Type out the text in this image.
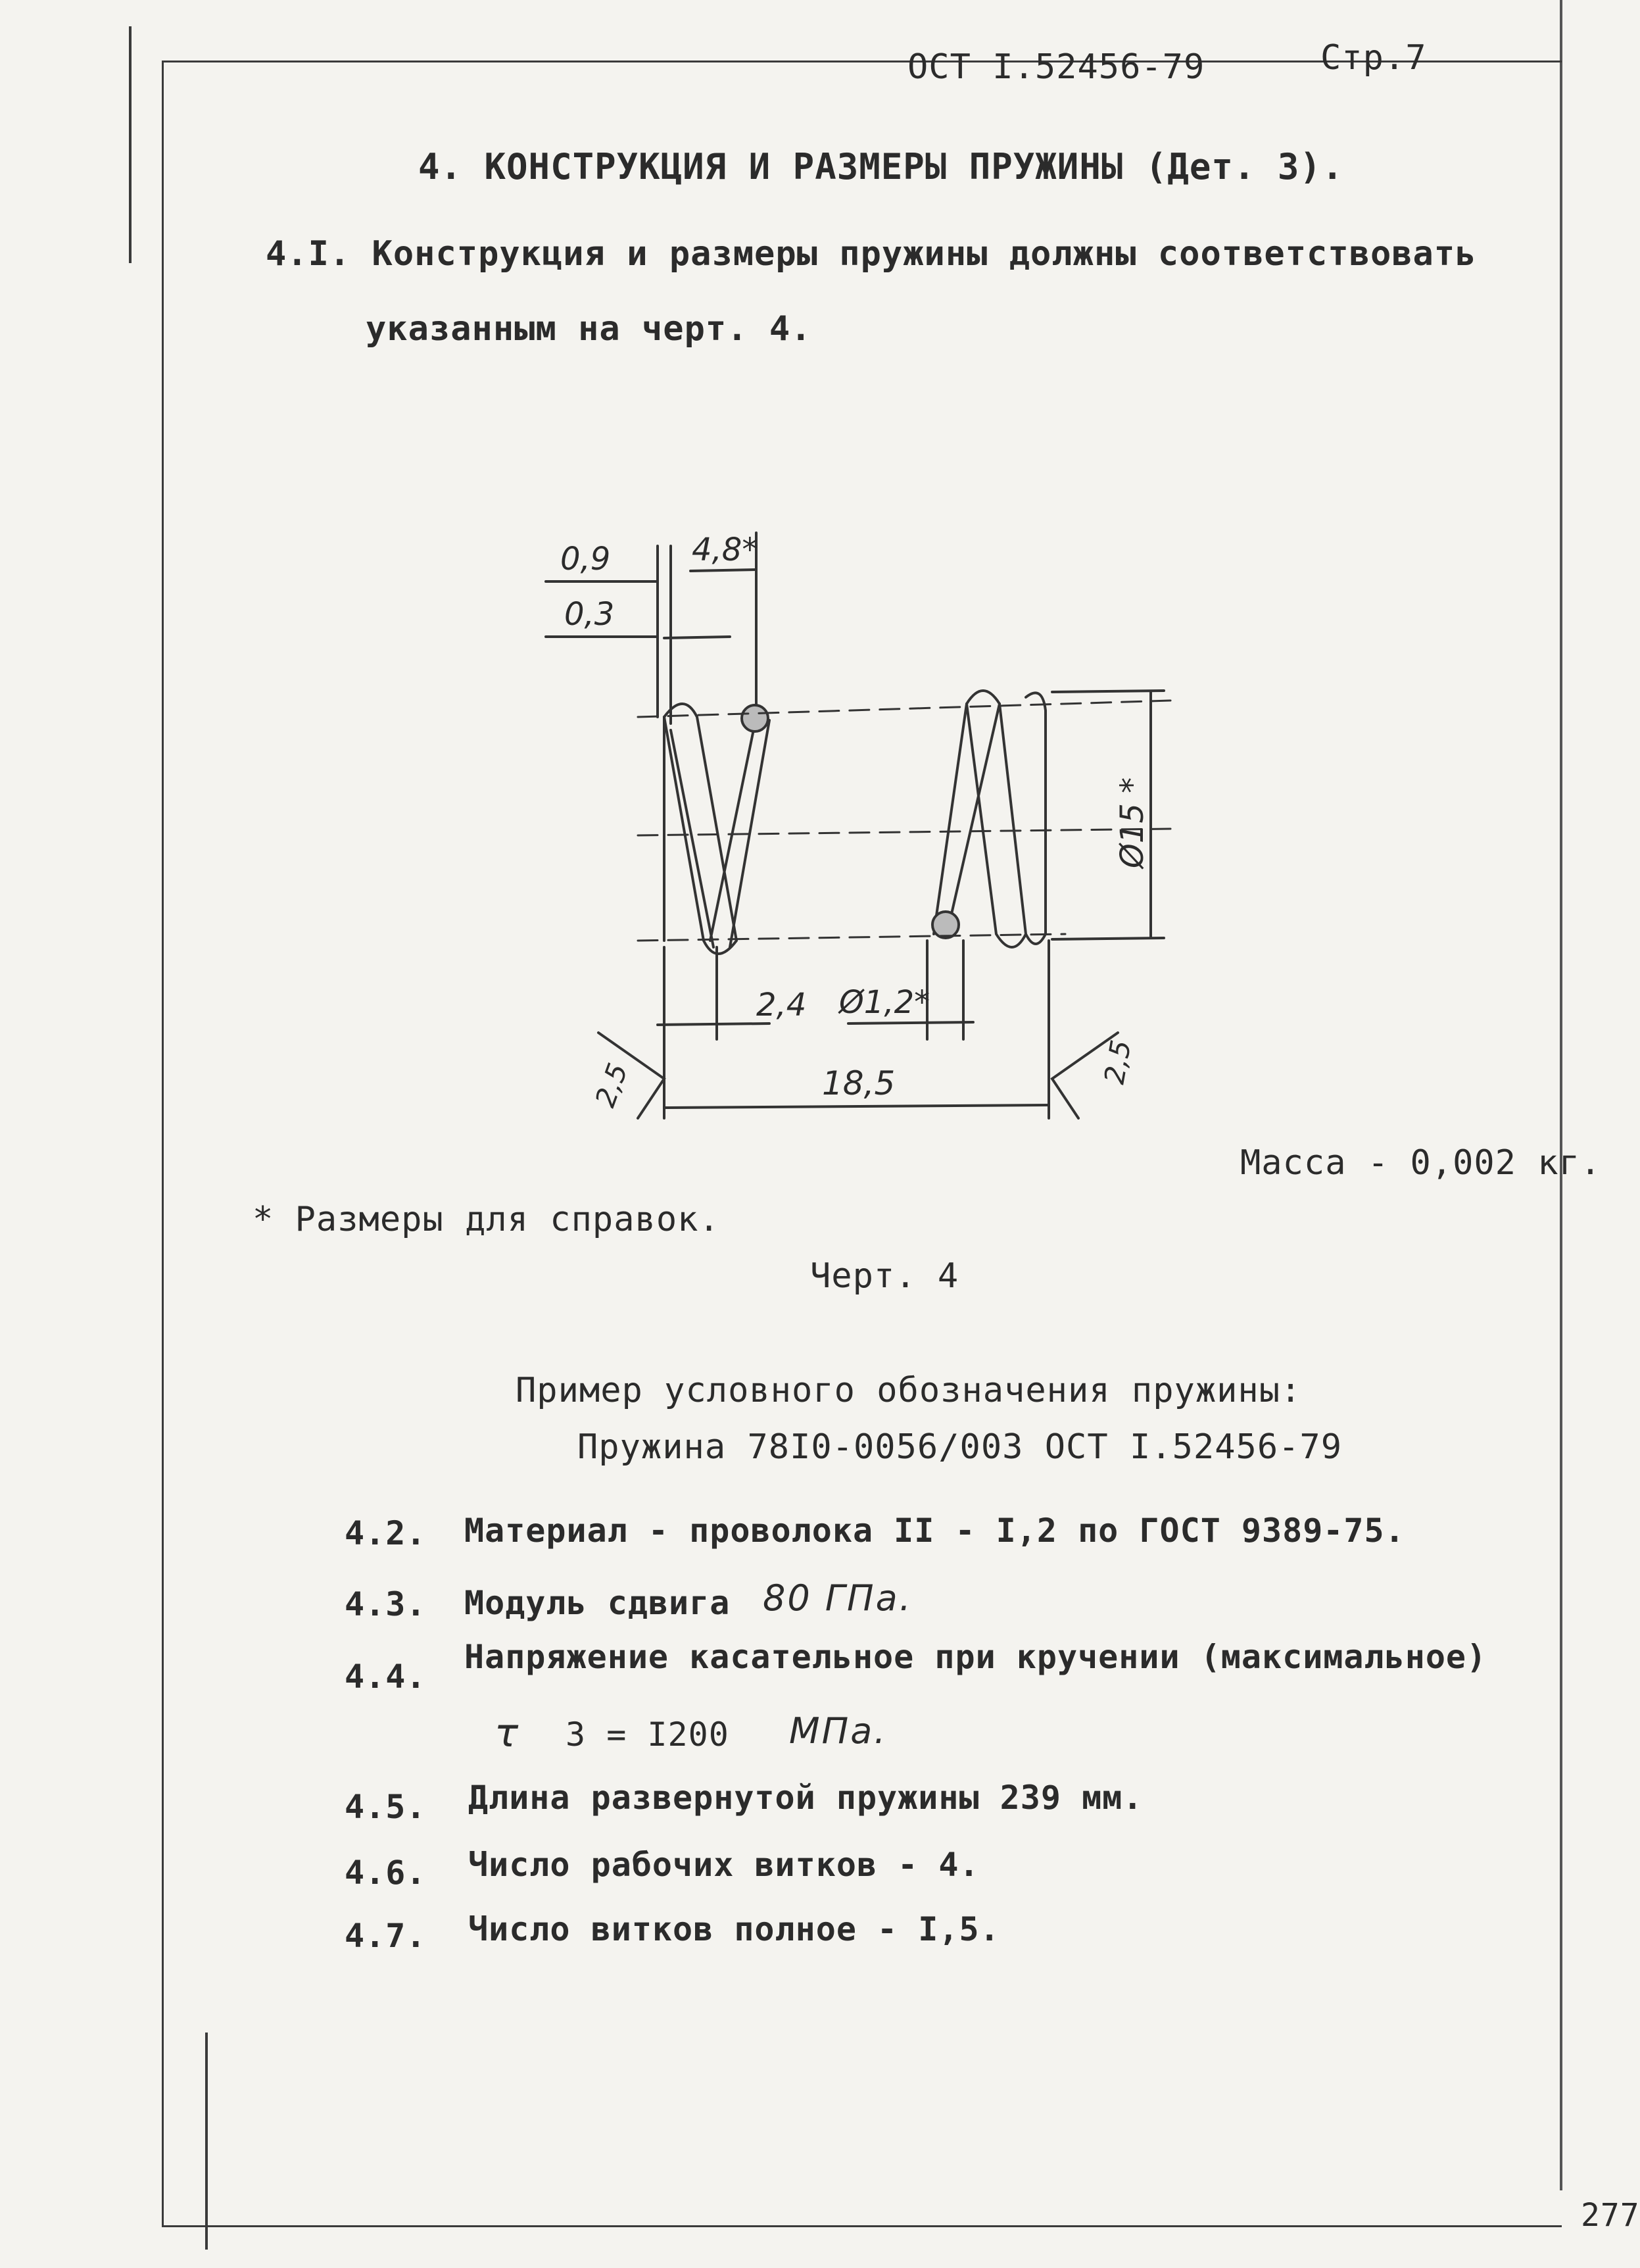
ОСТ I.52456-79	Стр.7
4. КОНСТРУКЦИЯ И РАЗМЕРЫ ПРУЖИНЫ (Дет. 3).
4.I. Конструкция и размеры пружины должны соответствовать
указанным на черт. 4.
0,9	4,8*
0,3
2,4 Ø1,2*
18,5
Ø15 *
2,5	2,5
Масса - 0,002 кг.
* Размеры для справок.
Черт. 4
Пример условного обозначения пружины:
Пружина 78I0-0056/003 ОСТ I.52456-79
4.2. Материал - проволока II - I,2 по ГОСТ 9389-75.
4.3. Модуль сдвига 80 ГПа.
4.4.
Напряжение касательное при кручении (максимальное)
τ 3 = I200 МПа.
4.5. Длина развернутой пружины 239 мм.
4.6. Число рабочих витков - 4.
4.7. Число витков полное - I,5.
277
